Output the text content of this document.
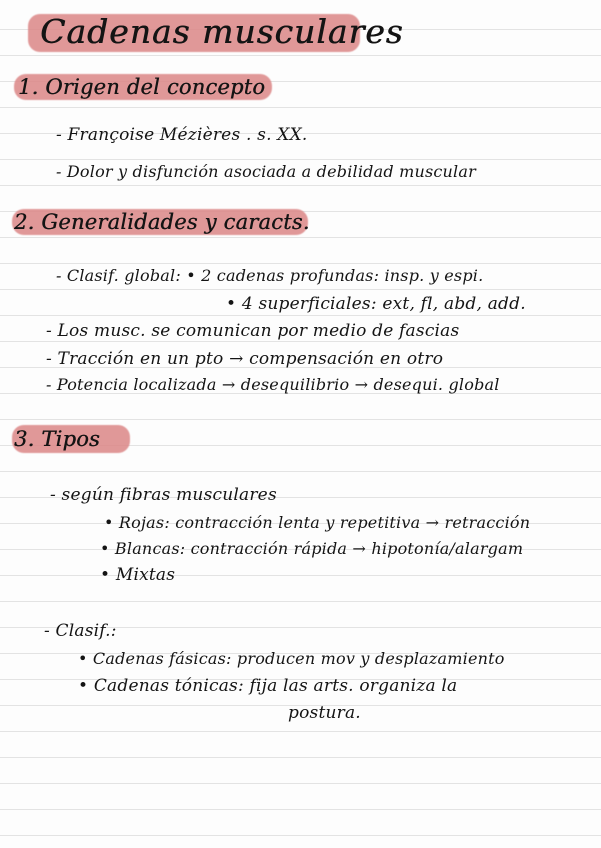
Cadenas musculares
1. Origen del concepto
- Françoise Mézières . s. XX.
- Dolor y disfunción asociada a debilidad muscular
2. Generalidades y caracts.
- Clasif. global: • 2 cadenas profundas: insp. y espi.
• 4 superficiales: ext, fl, abd, add.
- Los musc. se comunican por medio de fascias
- Tracción en un pto → compensación en otro
- Potencia localizada → desequilibrio → desequi. global
3. Tipos
- según fibras musculares
• Rojas: contracción lenta y repetitiva → retracción
• Blancas: contracción rápida → hipotonía/alargam
• Mixtas
- Clasif.:
• Cadenas fásicas: producen mov y desplazamiento
• Cadenas tónicas: fija las arts. organiza la
postura.
